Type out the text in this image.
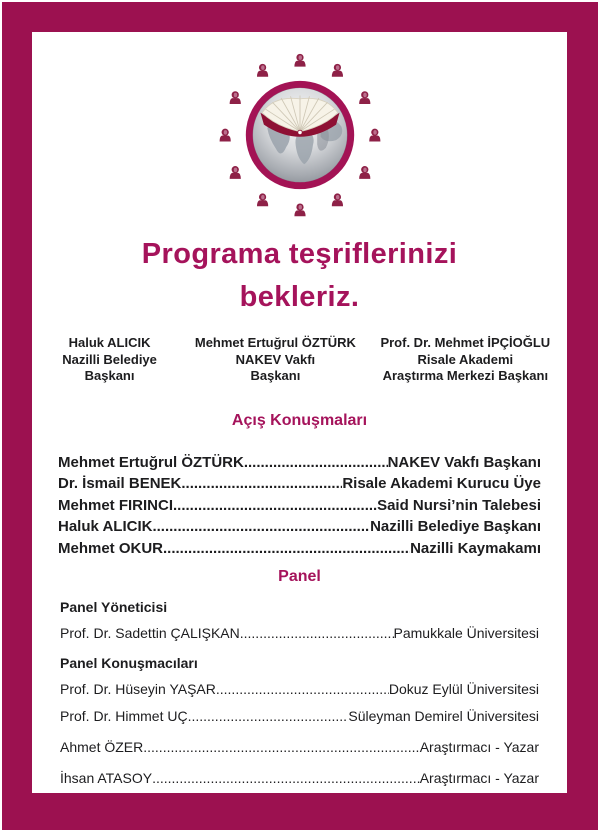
Programa teşriflerinizi
bekleriz.
Haluk ALICIK
Nazilli Belediye
Başkanı
Mehmet Ertuğrul ÖZTÜRK
NAKEV Vakfı
Başkanı
Prof. Dr. Mehmet İPÇİOĞLU
Risale Akademi
Araştırma Merkezi Başkanı
Açış Konuşmaları
Mehmet Ertuğrul ÖZTÜRK .....	NAKEV Vakfı Başkanı
Dr. İsmail BENEK .....	Risale Akademi Kurucu Üye
Mehmet FIRINCI .....	Said Nursi’nin Talebesi
Haluk ALICIK .....	Nazilli Belediye Başkanı
Mehmet OKUR .....	Nazilli Kaymakamı
Panel
Panel Yöneticisi
Prof. Dr. Sadettin ÇALIŞKAN .....	Pamukkale Üniversitesi
Panel Konuşmacıları
Prof. Dr. Hüseyin YAŞAR .....	Dokuz Eylül Üniversitesi
Prof. Dr. Himmet UÇ .....	Süleyman Demirel Üniversitesi
Ahmet ÖZER .....	Araştırmacı - Yazar
İhsan ATASOY .....	Araştırmacı - Yazar
